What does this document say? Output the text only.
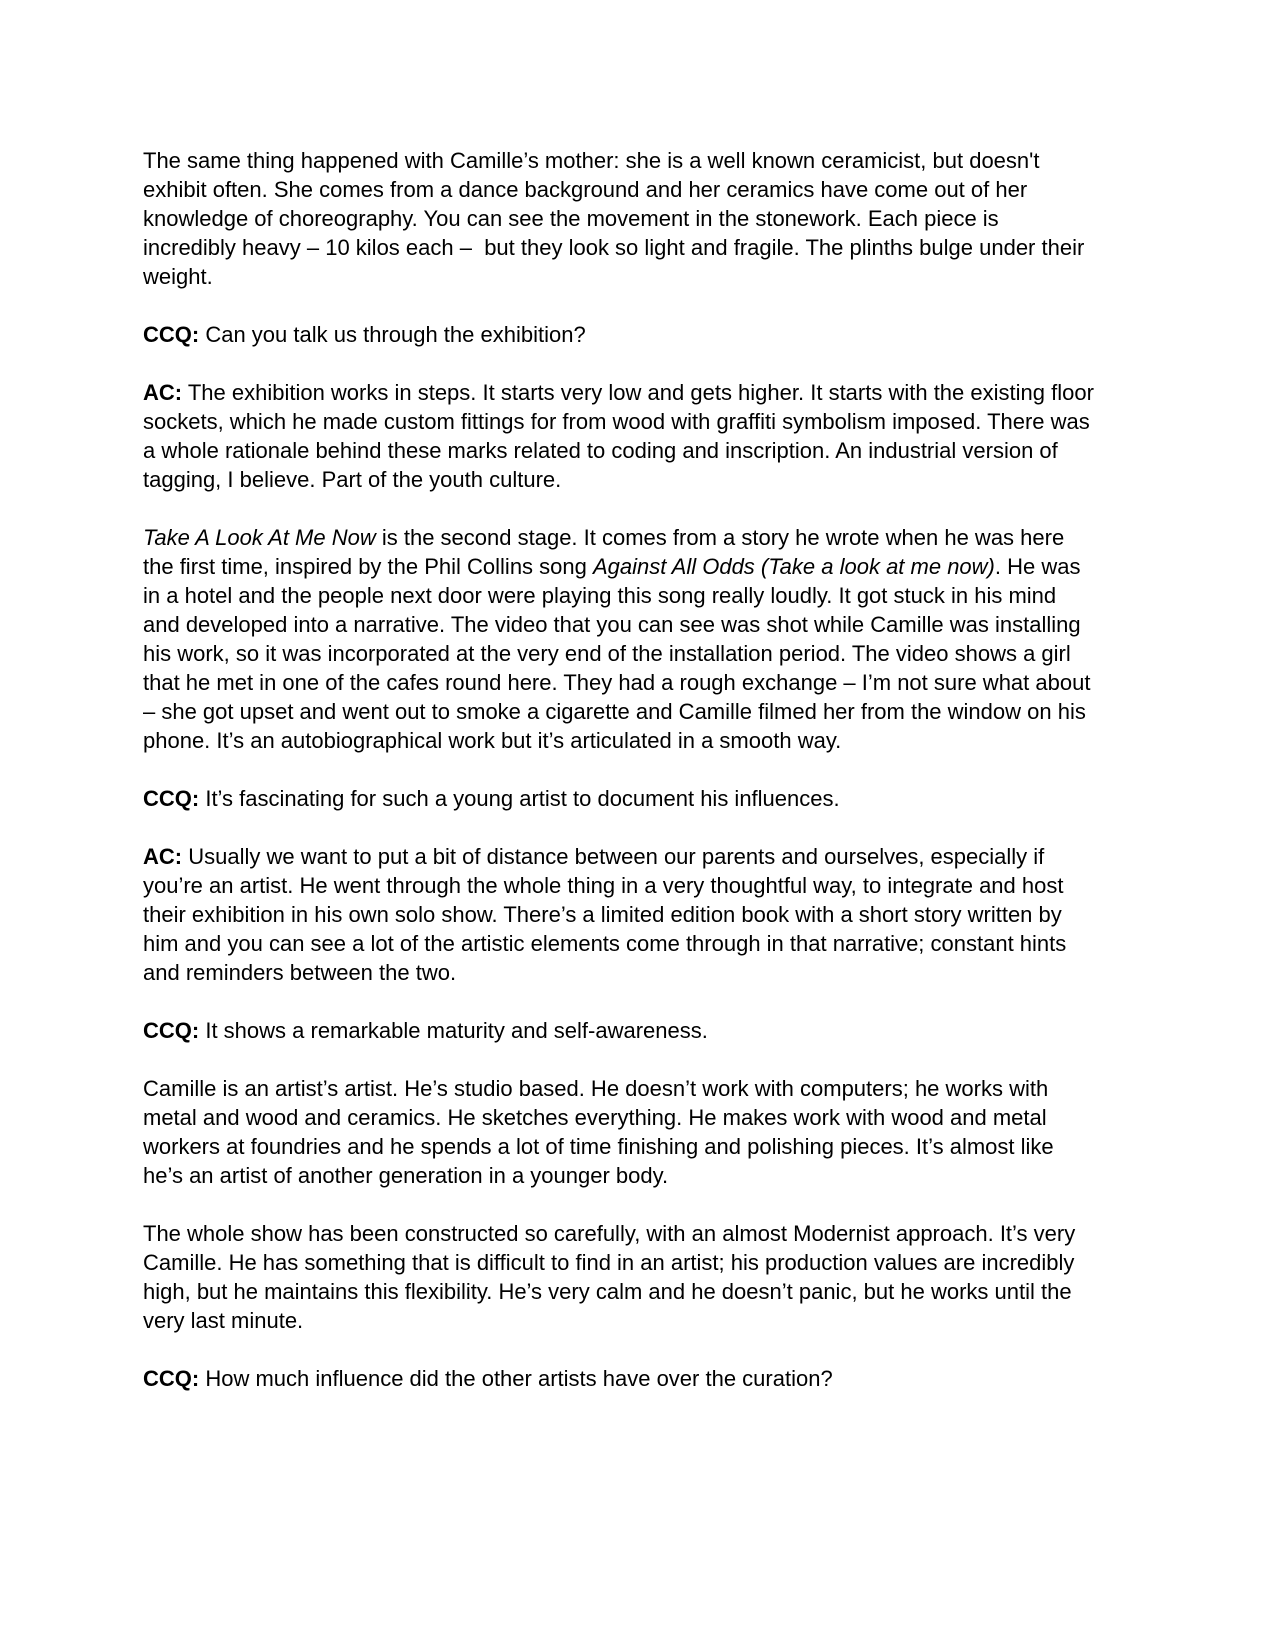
The same thing happened with Camille’s mother: she is a well known ceramicist, but doesn't exhibit often. She comes from a dance background and her ceramics have come out of her knowledge of choreography. You can see the movement in the stonework. Each piece is incredibly heavy – 10 kilos each –  but they look so light and fragile. The plinths bulge under their weight.

CCQ: Can you talk us through the exhibition?

AC: The exhibition works in steps. It starts very low and gets higher. It starts with the existing floor sockets, which he made custom fittings for from wood with graffiti symbolism imposed. There was a whole rationale behind these marks related to coding and inscription. An industrial version of tagging, I believe. Part of the youth culture.

Take A Look At Me Now is the second stage. It comes from a story he wrote when he was here the first time, inspired by the Phil Collins song Against All Odds (Take a look at me now). He was in a hotel and the people next door were playing this song really loudly. It got stuck in his mind and developed into a narrative. The video that you can see was shot while Camille was installing his work, so it was incorporated at the very end of the installation period. The video shows a girl that he met in one of the cafes round here. They had a rough exchange – I’m not sure what about – she got upset and went out to smoke a cigarette and Camille filmed her from the window on his phone. It’s an autobiographical work but it’s articulated in a smooth way.

CCQ: It’s fascinating for such a young artist to document his influences.

AC: Usually we want to put a bit of distance between our parents and ourselves, especially if you’re an artist. He went through the whole thing in a very thoughtful way, to integrate and host their exhibition in his own solo show. There’s a limited edition book with a short story written by him and you can see a lot of the artistic elements come through in that narrative; constant hints and reminders between the two.

CCQ: It shows a remarkable maturity and self-awareness.

Camille is an artist’s artist. He’s studio based. He doesn’t work with computers; he works with metal and wood and ceramics. He sketches everything. He makes work with wood and metal workers at foundries and he spends a lot of time finishing and polishing pieces. It’s almost like he’s an artist of another generation in a younger body.

The whole show has been constructed so carefully, with an almost Modernist approach. It’s very Camille. He has something that is difficult to find in an artist; his production values are incredibly high, but he maintains this flexibility. He’s very calm and he doesn’t panic, but he works until the very last minute.

CCQ: How much influence did the other artists have over the curation?
